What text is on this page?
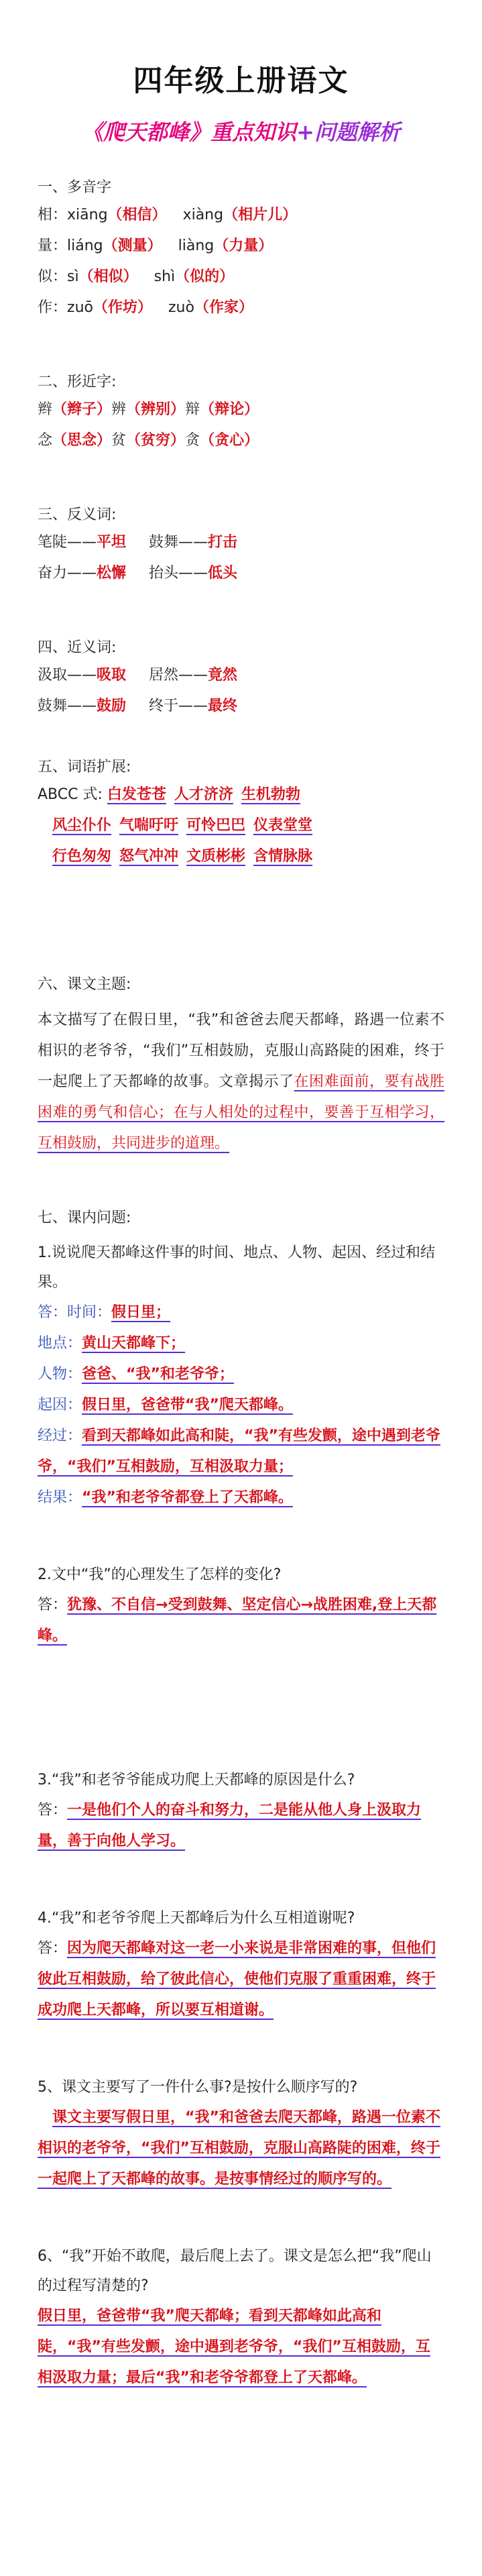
四年级上册语文
《爬天都峰》重点知识+问题解析
一、多音字
相：xiāng（相信） xiàng（相片儿）
量：liáng（测量） liàng（力量）
似：sì（相似） shì（似的）
作：zuō（作坊） zuò（作家）
二、形近字:
辫（辫子）辨（辨别）辩（辩论）
念（思念）贫（贫穷）贪（贪心）
三、反义词:
笔陡——平坦 鼓舞——打击
奋力——松懈 抬头——低头
四、近义词:
汲取——吸取 居然——竟然
鼓舞——鼓励 终于——最终
五、词语扩展:
ABCC 式: 白发苍苍 人才济济 生机勃勃
风尘仆仆 气喘吁吁 可怜巴巴 仪表堂堂
行色匆匆 怒气冲冲 文质彬彬 含情脉脉
六、课文主题:
本文描写了在假日里，“我”和爸爸去爬天都峰，路遇一位素不相识的老爷爷，“我们”互相鼓励，克服山高路陡的困难，终于一起爬上了天都峰的故事。文章揭示了在困难面前，要有战胜困难的勇气和信心；在与人相处的过程中，要善于互相学习，互相鼓励，共同进步的道理。
七、课内问题:
1.说说爬天都峰这件事的时间、地点、人物、起因、经过和结果。
答：时间：假日里；
地点：黄山天都峰下；
人物：爸爸、“我”和老爷爷；
起因：假日里，爸爸带“我”爬天都峰。
经过：看到天都峰如此高和陡，“我”有些发颤，途中遇到老爷爷，“我们”互相鼓励，互相汲取力量；
结果：“我”和老爷爷都登上了天都峰。
2.文中“我”的心理发生了怎样的变化?
答：犹豫、不自信→受到鼓舞、坚定信心→战胜困难,登上天都峰。
3.“我”和老爷爷能成功爬上天都峰的原因是什么?
答：一是他们个人的奋斗和努力，二是能从他人身上汲取力量，善于向他人学习。
4.“我”和老爷爷爬上天都峰后为什么互相道谢呢?
答：因为爬天都峰对这一老一小来说是非常困难的事，但他们彼此互相鼓励，给了彼此信心，使他们克服了重重困难，终于成功爬上天都峰，所以要互相道谢。
5、课文主要写了一件什么事?是按什么顺序写的?
课文主要写假日里，“我”和爸爸去爬天都峰，路遇一位素不相识的老爷爷，“我们”互相鼓励，克服山高路陡的困难，终于一起爬上了天都峰的故事。是按事情经过的顺序写的。
6、“我”开始不敢爬，最后爬上去了。课文是怎么把“我”爬山的过程写清楚的?
假日里，爸爸带“我”爬天都峰；看到天都峰如此高和陡，“我”有些发颤，途中遇到老爷爷，“我们”互相鼓励，互相汲取力量；最后“我”和老爷爷都登上了天都峰。
